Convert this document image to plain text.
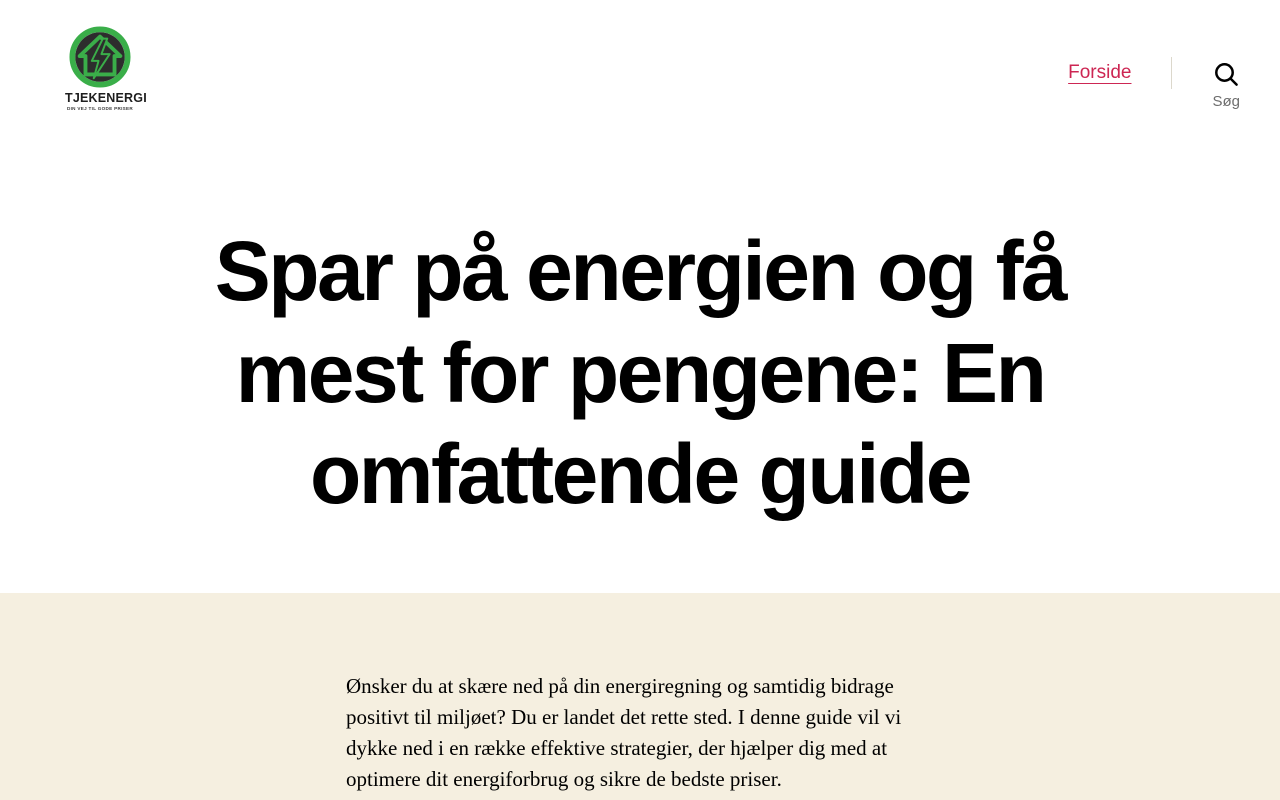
TJEKENERGI
DIN VEJ TIL GODE PRISER
Forside
Søg
Spar på energien og få
mest for pengene: En
omfattende guide

Ønsker du at skære ned på din energiregning og samtidig bidrage positivt til miljøet? Du er landet det rette sted. I denne guide vil vi dykke ned i en række effektive strategier, der hjælper dig med at optimere dit energiforbrug og sikre de bedste priser.
